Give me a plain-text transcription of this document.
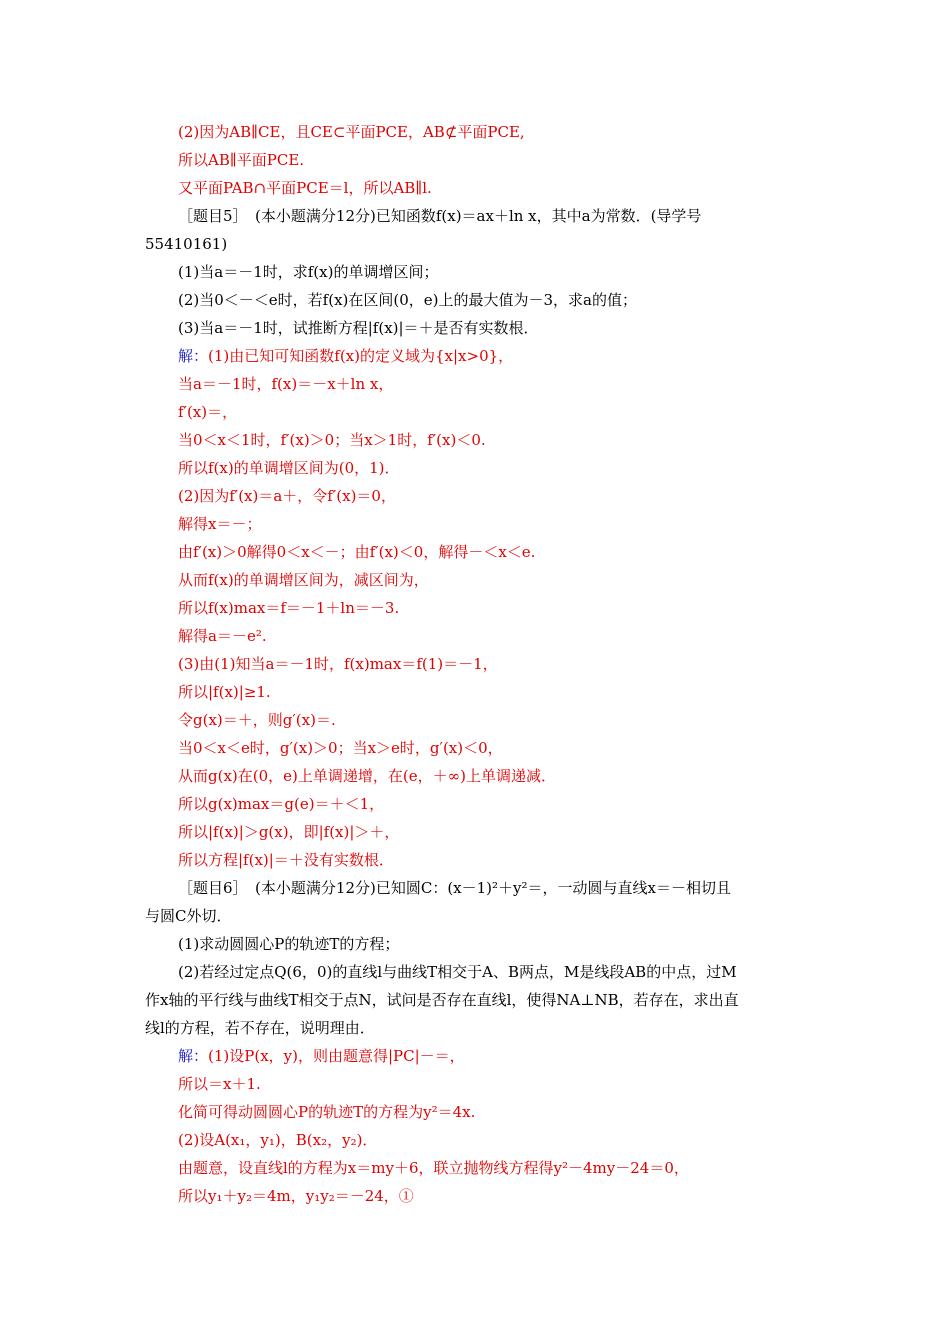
(2)因为AB∥CE，且CE⊂平面PCE，AB⊄平面PCE,
所以AB∥平面PCE.
又平面PAB∩平面PCE＝l，所以AB∥l.
［题目5］　(本小题满分12分)已知函数f(x)＝ax＋ln x，其中a为常数．(导学号
55410161)
(1)当a＝－1时，求f(x)的单调增区间；
(2)当0＜－＜e时，若f(x)在区间(0，e)上的最大值为－3，求a的值；
(3)当a＝－1时，试推断方程|f(x)|＝＋是否有实数根．
解：(1)由已知可知函数f(x)的定义域为{x|x>0}，
当a＝－1时，f(x)＝－x＋ln x，
f′(x)＝，
当0＜x＜1时，f′(x)＞0；当x＞1时，f′(x)＜0.
所以f(x)的单调增区间为(0，1)．
(2)因为f′(x)＝a＋，令f′(x)＝0，
解得x＝－；
由f′(x)＞0解得0＜x＜－；由f′(x)＜0，解得－＜x＜e.
从而f(x)的单调增区间为，减区间为，
所以f(x)max＝f＝－1＋ln＝－3.
解得a＝－e².
(3)由(1)知当a＝－1时，f(x)max＝f(1)＝－1，
所以|f(x)|≥1.
令g(x)＝＋，则g′(x)＝.
当0＜x＜e时，g′(x)＞0；当x＞e时，g′(x)＜0，
从而g(x)在(0，e)上单调递增，在(e，＋∞)上单调递减．
所以g(x)max＝g(e)＝＋＜1，
所以|f(x)|＞g(x)，即|f(x)|＞＋，
所以方程|f(x)|＝＋没有实数根．
［题目6］　(本小题满分12分)已知圆C：(x－1)²＋y²＝，一动圆与直线x＝－相切且
与圆C外切．
(1)求动圆圆心P的轨迹T的方程；
(2)若经过定点Q(6，0)的直线l与曲线T相交于A、B两点，M是线段AB的中点，过M
作x轴的平行线与曲线T相交于点N，试问是否存在直线l，使得NA⊥NB，若存在，求出直
线l的方程，若不存在，说明理由．
解：(1)设P(x，y)，则由题意得|PC|－＝，
所以＝x＋1.
化简可得动圆圆心P的轨迹T的方程为y²＝4x.
(2)设A(x₁，y₁)，B(x₂，y₂)．
由题意，设直线l的方程为x＝my＋6，联立抛物线方程得y²－4my－24＝0，
所以y₁＋y₂＝4m，y₁y₂＝－24，①
